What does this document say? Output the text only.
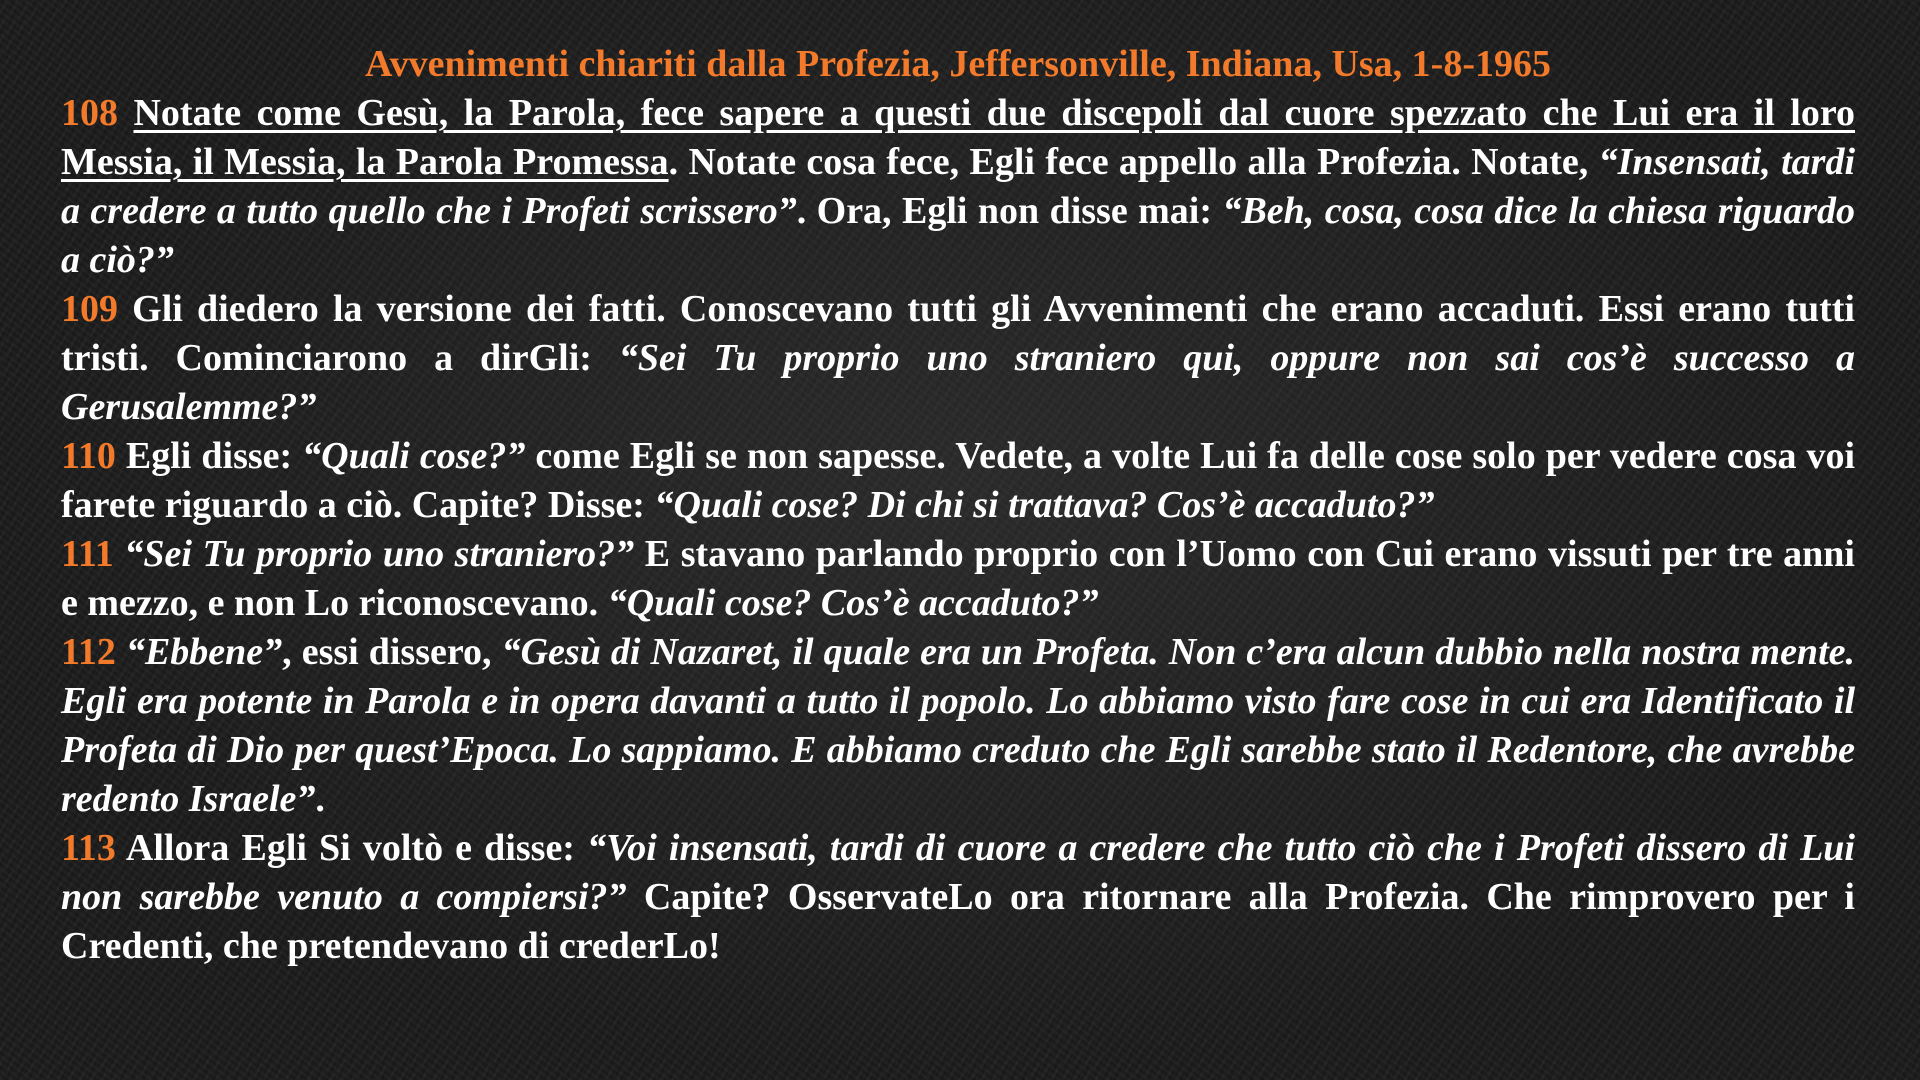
Avvenimenti chiariti dalla Profezia, Jeffersonville, Indiana, Usa, 1-8-1965

108 Notate come Gesù, la Parola, fece sapere a questi due discepoli dal cuore spezzato che Lui era il loro Messia, il Messia, la Parola Promessa. Notate cosa fece, Egli fece appello alla Profezia. Notate, “Insensati, tardi a credere a tutto quello che i Profeti scrissero”. Ora, Egli non disse mai: “Beh, cosa, cosa dice la chiesa riguardo a ciò?”

109 Gli diedero la versione dei fatti. Conoscevano tutti gli Avvenimenti che erano accaduti. Essi erano tutti tristi. Cominciarono a dirGli: “Sei Tu proprio uno straniero qui, oppure non sai cos’è successo a Gerusalemme?”

110 Egli disse: “Quali cose?” come Egli se non sapesse. Vedete, a volte Lui fa delle cose solo per vedere cosa voi farete riguardo a ciò. Capite? Disse: “Quali cose? Di chi si trattava? Cos’è accaduto?”

111 “Sei Tu proprio uno straniero?” E stavano parlando proprio con l’Uomo con Cui erano vissuti per tre anni e mezzo, e non Lo riconoscevano. “Quali cose? Cos’è accaduto?”

112 “Ebbene”, essi dissero, “Gesù di Nazaret, il quale era un Profeta. Non c’era alcun dubbio nella nostra mente. Egli era potente in Parola e in opera davanti a tutto il popolo. Lo abbiamo visto fare cose in cui era Identificato il Profeta di Dio per quest’Epoca. Lo sappiamo. E abbiamo creduto che Egli sarebbe stato il Redentore, che avrebbe redento Israele”.

113 Allora Egli Si voltò e disse: “Voi insensati, tardi di cuore a credere che tutto ciò che i Profeti dissero di Lui non sarebbe venuto a compiersi?” Capite? OsservateLo ora ritornare alla Profezia. Che rimprovero per i Credenti, che pretendevano di crederLo!
